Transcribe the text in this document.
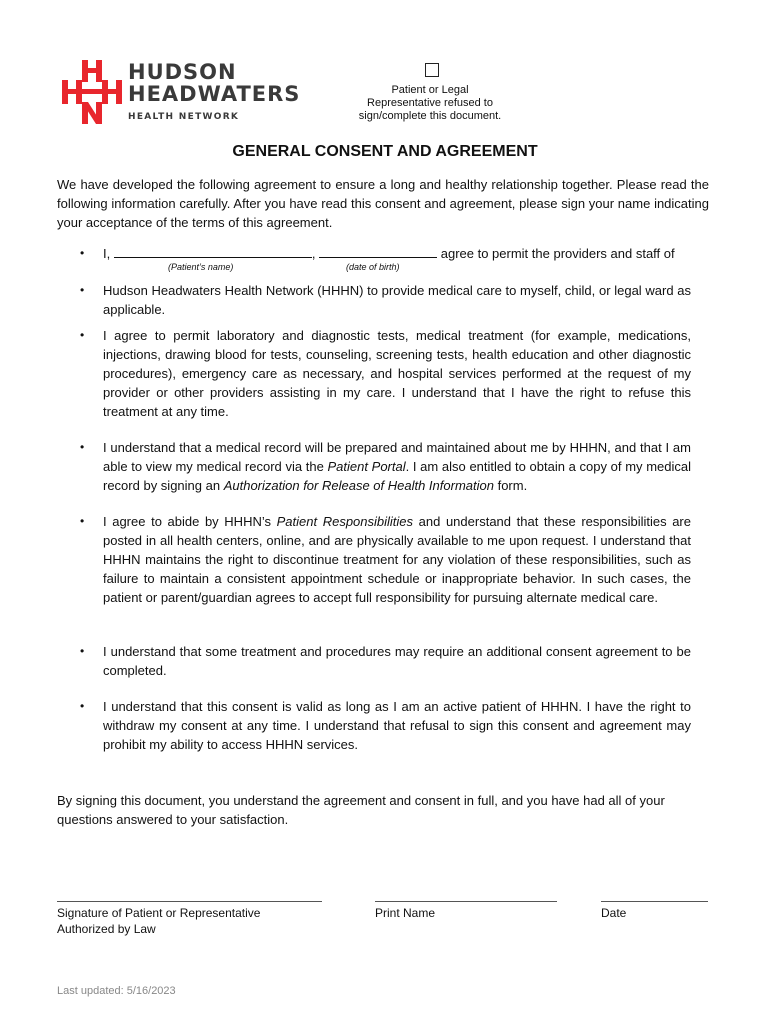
HUDSON
HEADWATERS
HEALTH NETWORK
Patient or Legal
Representative refused to
sign/complete this document.
GENERAL CONSENT AND AGREEMENT

We have developed the following agreement to ensure a long and healthy relationship together. Please read the following information carefully. After you have read this consent and agreement, please sign your name indicating your acceptance of the terms of this agreement.

• I,	,	agree to permit the providers and staff of
(Patient’s name)	(date of birth)
• Hudson Headwaters Health Network (HHHN) to provide medical care to myself, child, or legal ward as applicable.
• I agree to permit laboratory and diagnostic tests, medical treatment (for example, medications, injections, drawing blood for tests, counseling, screening tests, health education and other diagnostic procedures), emergency care as necessary, and hospital services performed at the request of my provider or other providers assisting in my care. I understand that I have the right to refuse this treatment at any time.
• I understand that a medical record will be prepared and maintained about me by HHHN, and that I am able to view my medical record via the Patient Portal. I am also entitled to obtain a copy of my medical record by signing an Authorization for Release of Health Information form.
• I agree to abide by HHHN’s Patient Responsibilities and understand that these responsibilities are posted in all health centers, online, and are physically available to me upon request. I understand that HHHN maintains the right to discontinue treatment for any violation of these responsibilities, such as failure to maintain a consistent appointment schedule or inappropriate behavior. In such cases, the patient or parent/guardian agrees to accept full responsibility for pursuing alternate medical care.
• I understand that some treatment and procedures may require an additional consent agreement to be completed.
• I understand that this consent is valid as long as I am an active patient of HHHN. I have the right to withdraw my consent at any time. I understand that refusal to sign this consent and agreement may prohibit my ability to access HHHN services.

By signing this document, you understand the agreement and consent in full, and you have had all of your questions answered to your satisfaction.

Signature of Patient or Representative
Authorized by Law
Print Name	Date
Last updated: 5/16/2023
